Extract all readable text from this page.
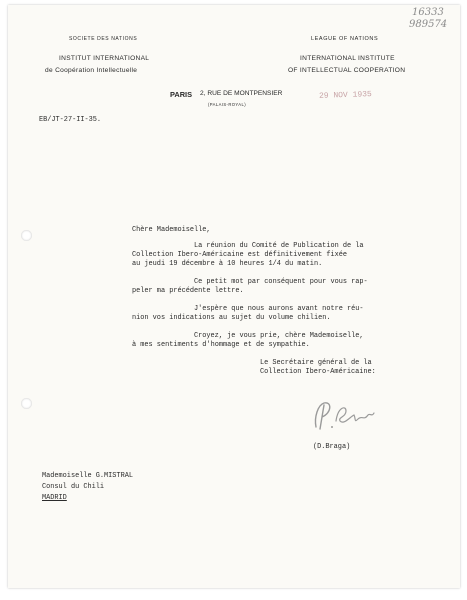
16333
989574
SOCIETE DES NATIONS
INSTITUT INTERNATIONAL
de Coopération Intellectuelle
LEAGUE OF NATIONS
INTERNATIONAL INSTITUTE
OF INTELLECTUAL COOPERATION
PARIS 2, RUE DE MONTPENSIER
(PALAIS-ROYAL)
29 NOV 1935
EB/JT-27-II-35.
Chère Mademoiselle,
La réunion du Comité de Publication de la
Collection Ibero-Américaine est définitivement fixée
au jeudi 19 décembre à 10 heures 1/4 du matin.
Ce petit mot par conséquent pour vous rap-
peler ma précédente lettre.
J'espère que nous aurons avant notre réu-
nion vos indications au sujet du volume chilien.
Croyez, je vous prie, chère Mademoiselle,
à mes sentiments d'hommage et de sympathie.
Le Secrétaire général de la
Collection Ibero-Américaine:
(D.Braga)
Mademoiselle G.MISTRAL
Consul du Chili
MADRID
